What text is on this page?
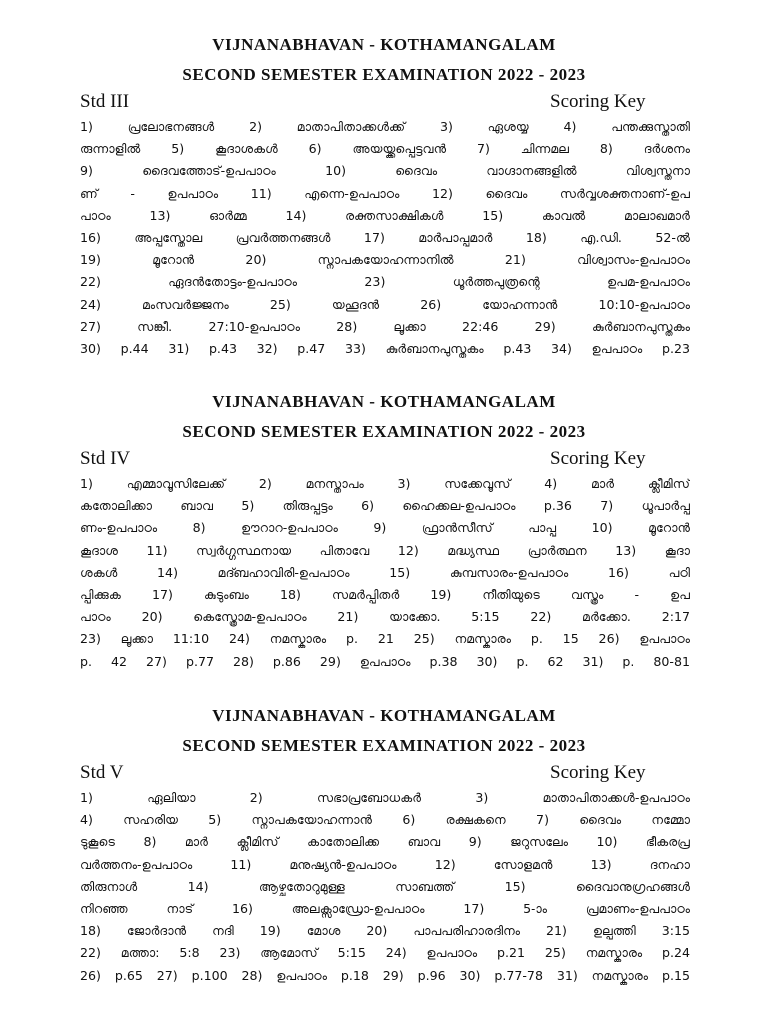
VIJNANABHAVAN - KOTHAMANGALAM
SECOND SEMESTER EXAMINATION 2022 - 2023
Std III	Scoring Key
1) പ്രലോഭനങ്ങൾ 2) മാതാപിതാക്കൾക്ക് 3) ഏശയ്യ 4) പന്തക്കുസ്താതി
രുന്നാളിൽ 5) കൂദാശകൾ 6) അയയ്ക്കപ്പെട്ടവൻ 7) ചിന്നമല 8) ദർശനം
9) ദൈവത്തോട്-ഉപപാഠം 10) ദൈവം വാഗ്ദാനങ്ങളിൽ വിശ്വസ്തനാ
ണ് - ഉപപാഠം 11) എന്നെ-ഉപപാഠം 12) ദൈവം സർവ്വശക്തനാണ്-ഉപ
പാഠം 13) ഓർമ്മ 14) രക്തസാക്ഷികൾ 15) കാവൽ മാലാഖമാർ
16) അപ്പസ്തോല പ്രവർത്തനങ്ങൾ 17) മാർപാപ്പമാർ 18) എ.ഡി. 52-ൽ
19) മൂറോൻ 20) സ്നാപകയോഹന്നാനിൽ 21) വിശ്വാസം-ഉപപാഠം
22) ഏദൻതോട്ടം-ഉപപാഠം 23) ധൂർത്തപുത്രന്റെ ഉപമ-ഉപപാഠം
24) മംസവർജ്ജനം 25) യഹൂദൻ 26) യോഹന്നാൻ 10:10-ഉപപാഠം
27) സങ്കീ. 27:10-ഉപപാഠം 28) ലൂക്കാ 22:46 29) കുർബാനപുസ്തകം
30) p.44 31) p.43 32) p.47 33) കുർബാനപുസ്തകം p.43 34) ഉപപാഠം p.23
VIJNANABHAVAN - KOTHAMANGALAM
SECOND SEMESTER EXAMINATION 2022 - 2023
Std IV	Scoring Key
1) എമ്മാവൂസിലേക്ക് 2) മനസ്താപം 3) സക്കേവൂസ് 4) മാർ ക്ലീമിസ്
കതോലിക്കാ ബാവ 5) തിരുപ്പട്ടം 6) ഹൈക്കല-ഉപപാഠം p.36 7) ധൂപാർപ്പ
ണം-ഉപപാഠം 8) ഊറാറ-ഉപപാഠം 9) ഫ്രാൻസീസ് പാപ്പ 10) മൂറോൻ
കൂദാശ 11) സ്വർഗ്ഗസ്ഥനായ പിതാവേ 12) മദ്ധ്യസ്ഥ പ്രാർത്ഥന 13) കൂദാ
ശകൾ 14) മദ്ബഹാവിരി-ഉപപാഠം 15) കുമ്പസാരം-ഉപപാഠം 16) പഠി
പ്പിക്കുക 17) കുടുംബം 18) സമർപ്പിതർ 19) നീതിയുടെ വസ്ത്രം - ഉപ
പാഠം 20) കെസ്ത്രോമ-ഉപപാഠം 21) യാക്കോ. 5:15 22) മർക്കോ. 2:17
23) ലൂക്കാ 11:10 24) നമസ്കാരം p. 21 25) നമസ്കാരം p. 15 26) ഉപപാഠം
p. 42 27) p.77 28) p.86 29) ഉപപാഠം p.38 30) p. 62 31) p. 80-81
VIJNANABHAVAN - KOTHAMANGALAM
SECOND SEMESTER EXAMINATION 2022 - 2023
Std V	Scoring Key
1) ഏലിയാ 2) സഭാപ്രബോധകർ 3) മാതാപിതാക്കൾ-ഉപപാഠം
4) സഹരിയ 5) സ്നാപകയോഹന്നാൻ 6) രക്ഷകനെ 7) ദൈവം നമ്മോ
ടുകൂടെ 8) മാർ ക്ലീമിസ് കാതോലിക്ക ബാവ 9) ജറുസലേം 10) ഭീകരപ്ര
വർത്തനം-ഉപപാഠം 11) മനുഷ്യൻ-ഉപപാഠം 12) സോളമൻ 13) ദനഹാ
തിരുനാൾ 14) ആഴ്ചതോറുമുള്ള സാബത്ത് 15) ദൈവാനുഗ്രഹങ്ങൾ
നിറഞ്ഞ നാട് 16) അലക്സാഡ്രോ-ഉപപാഠം 17) 5-ാം പ്രമാണം-ഉപപാഠം
18) ജോർദാൻ നദി 19) മോശ 20) പാപപരിഹാരദിനം 21) ഉല്പത്തി 3:15
22) മത്താ: 5:8 23) ആമോസ് 5:15 24) ഉപപാഠം p.21 25) നമസ്കാരം p.24
26) p.65 27) p.100 28) ഉപപാഠം p.18 29) p.96 30) p.77-78 31) നമസ്കാരം p.15
